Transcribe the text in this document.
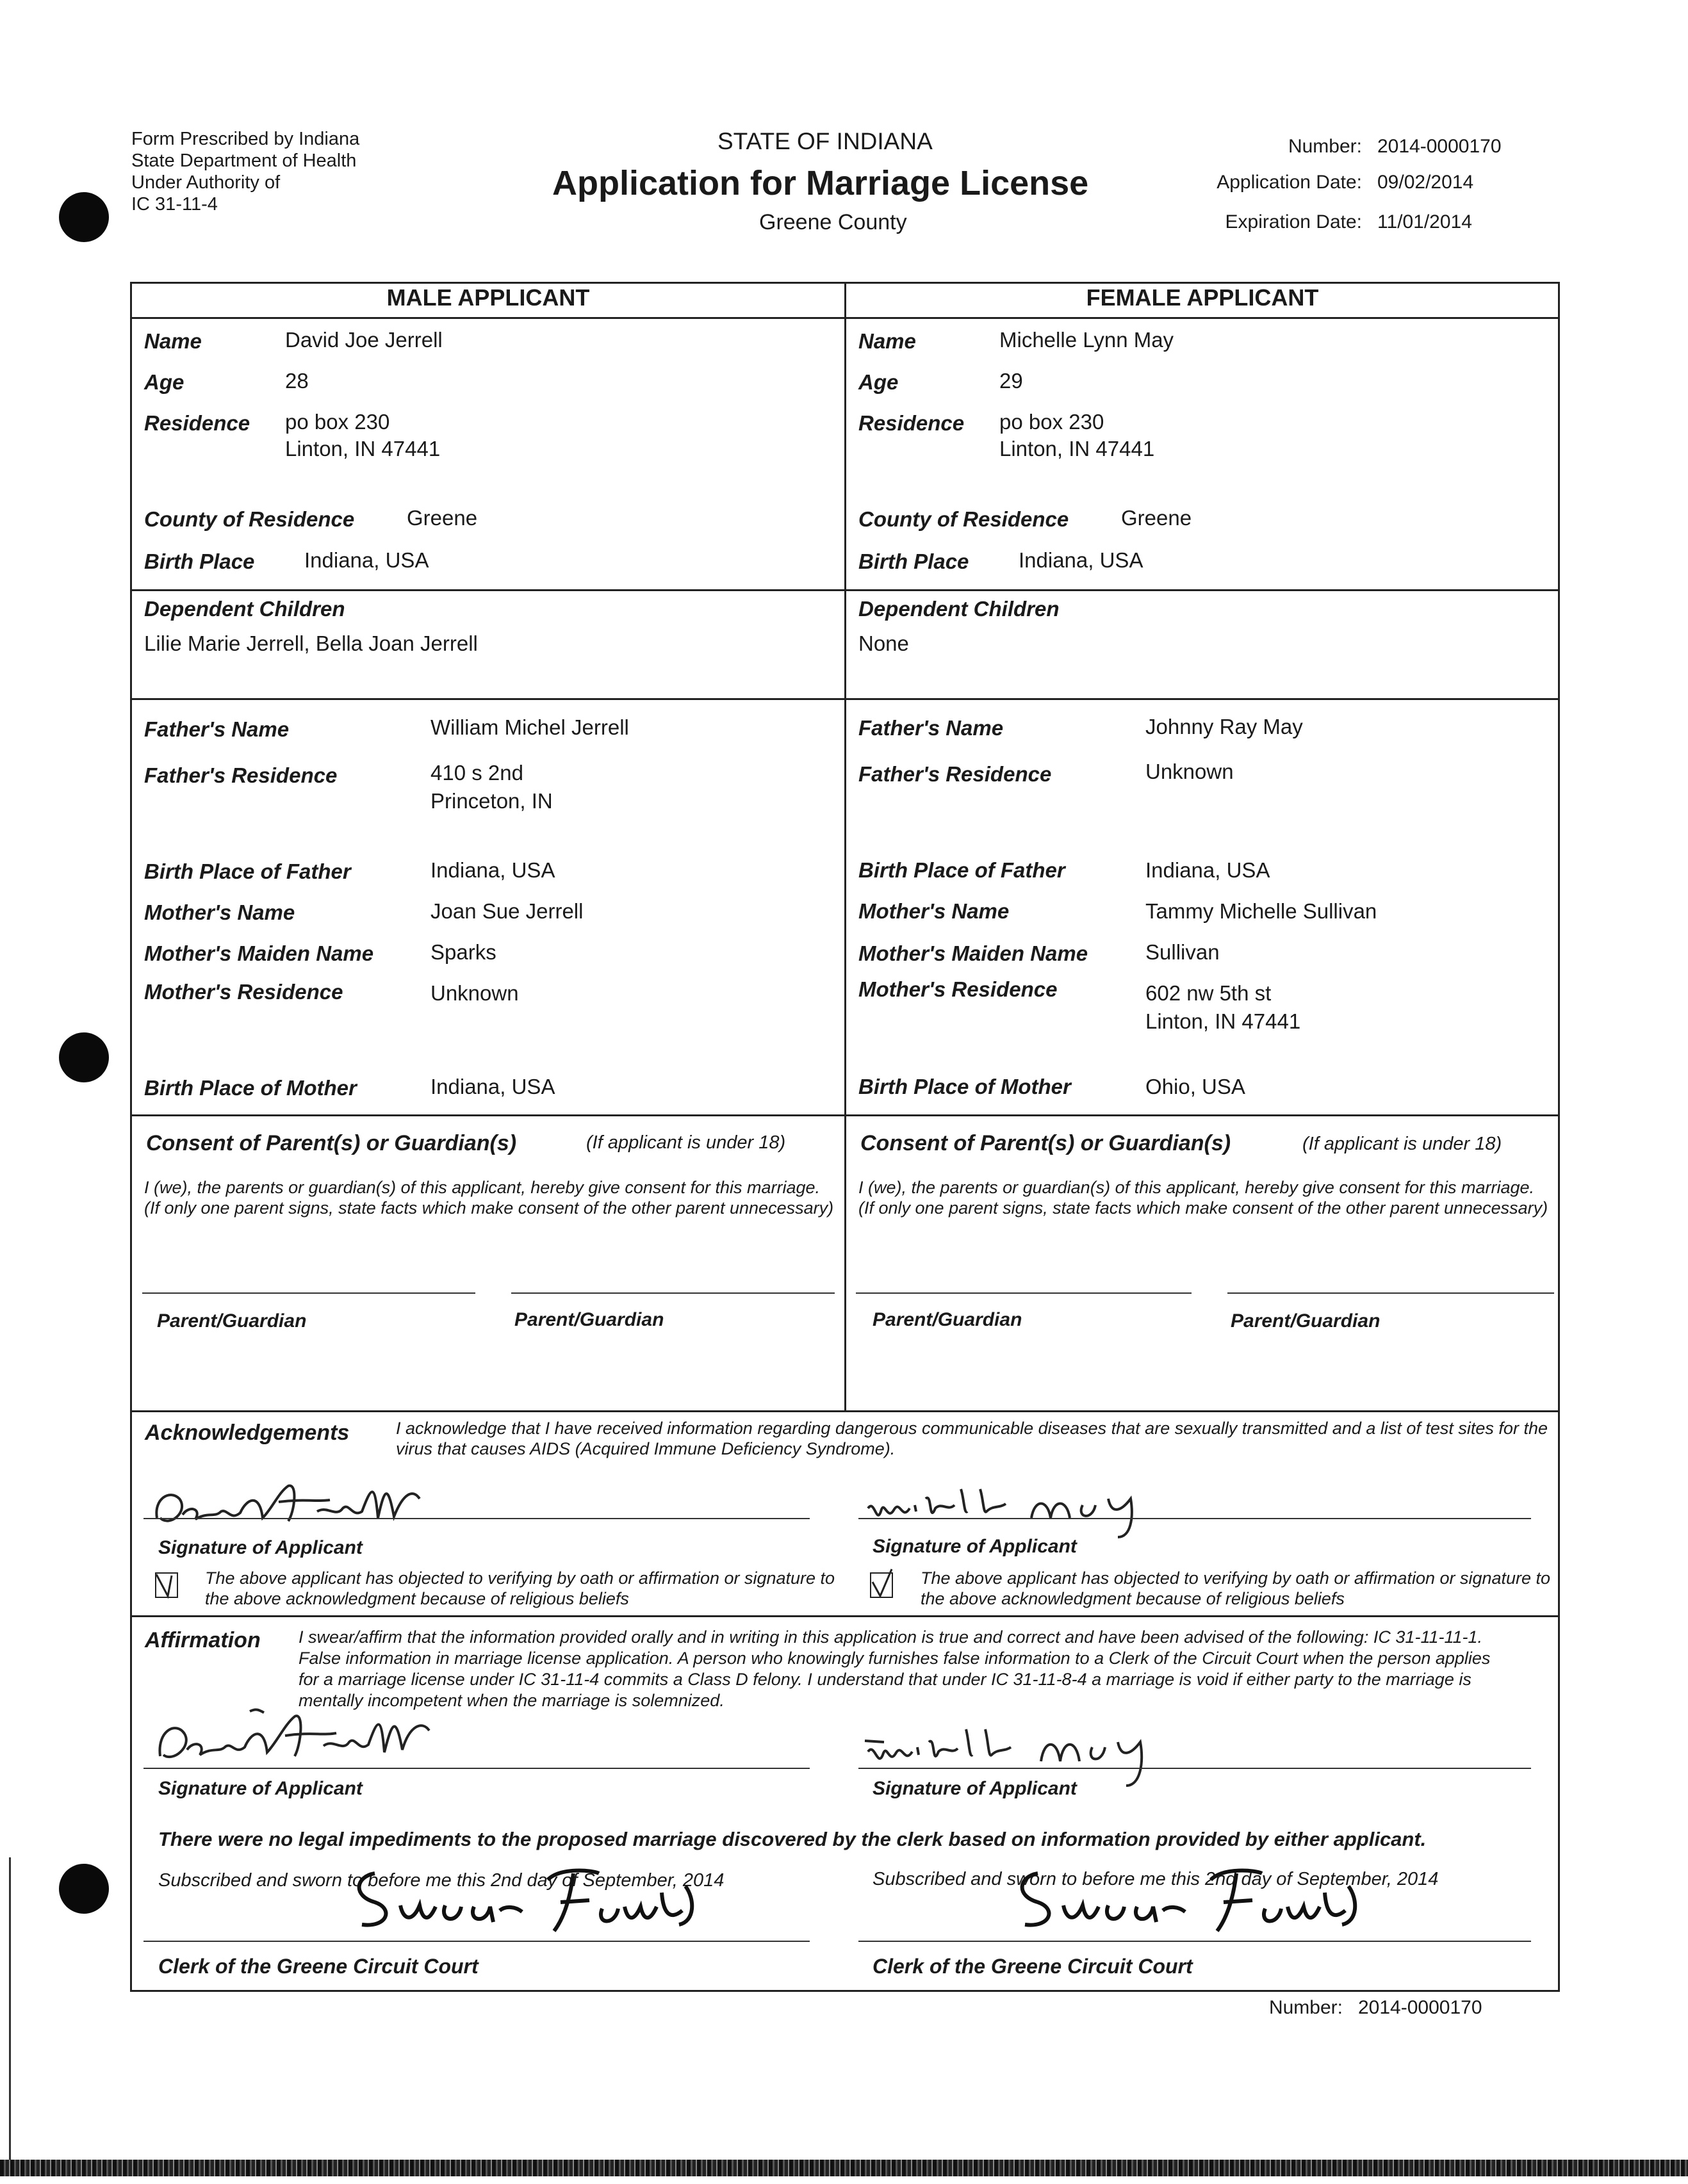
Form Prescribed by Indiana
State Department of Health
Under Authority of
IC 31-11-4
STATE OF INDIANA
Application for Marriage License
Greene County
Number: 2014-0000170
Application Date: 09/02/2014
Expiration Date: 11/01/2014
MALE APPLICANT	FEMALE APPLICANT
Name	David Joe Jerrell
Age	28
Residence po box 230
Linton, IN 47441
County of Residence Greene
Birth Place Indiana, USA
Dependent Children
Lilie Marie Jerrell, Bella Joan Jerrell
Father's Name	William Michel Jerrell
Father's Residence	410 s 2nd
Princeton, IN
Birth Place of Father	Indiana, USA
Mother's Name	Joan Sue Jerrell
Mother's Maiden Name	Sparks
Mother's Residence	Unknown
Birth Place of Mother	Indiana, USA
Name	Michelle Lynn May
Age	29
Residence po box 230
Linton, IN 47441
County of Residence Greene
Birth Place Indiana, USA
Dependent Children
None
Father's Name	Johnny Ray May
Father's Residence	Unknown
Birth Place of Father	Indiana, USA
Mother's Name	Tammy Michelle Sullivan
Mother's Maiden Name	Sullivan
Mother's Residence	602 nw 5th st
Linton, IN 47441
Birth Place of Mother	Ohio, USA
Consent of Parent(s) or Guardian(s)	(If applicant is under 18)
I (we), the parents or guardian(s) of this applicant, hereby give consent for this marriage. (If only one parent signs, state facts which make consent of the other parent unnecessary)
Parent/Guardian	Parent/Guardian
Consent of Parent(s) or Guardian(s)	(If applicant is under 18)
I (we), the parents or guardian(s) of this applicant, hereby give consent for this marriage. (If only one parent signs, state facts which make consent of the other parent unnecessary)
Parent/Guardian	Parent/Guardian
Acknowledgements	I acknowledge that I have received information regarding dangerous communicable diseases that are sexually transmitted and a list of test sites for the virus that causes AIDS (Acquired Immune Deficiency Syndrome).
Signature of Applicant
The above applicant has objected to verifying by oath or affirmation or signature to the above acknowledgment because of religious beliefs
Signature of Applicant
The above applicant has objected to verifying by oath or affirmation or signature to the above acknowledgment because of religious beliefs
Affirmation I swear/affirm that the information provided orally and in writing in this application is true and correct and have been advised of the following: IC 31-11-11-1. False information in marriage license application. A person who knowingly furnishes false information to a Clerk of the Circuit Court when the person applies for a marriage license under IC 31-11-4 commits a Class D felony. I understand that under IC 31-11-8-4 a marriage is void if either party to the marriage is mentally incompetent when the marriage is solemnized.
Signature of Applicant	Signature of Applicant
There were no legal impediments to the proposed marriage discovered by the clerk based on information provided by either applicant.
Subscribed and sworn to before me this 2nd day of September, 2014
Clerk of the Greene Circuit Court
Subscribed and sworn to before me this 2nd day of September, 2014
Clerk of the Greene Circuit Court
Number: 2014-0000170
